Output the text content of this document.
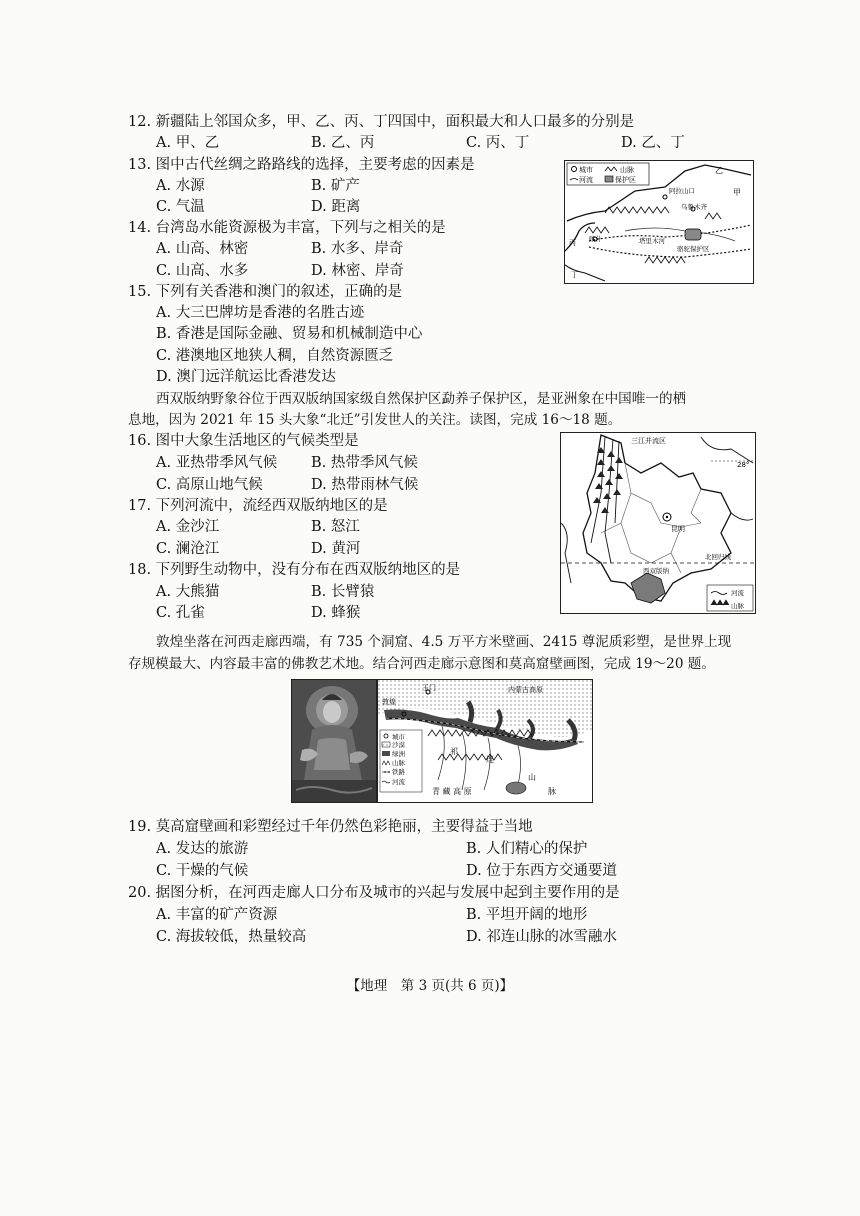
12. 新疆陆上邻国众多，甲、乙、丙、丁四国中，面积最大和人口最多的分别是
A. 甲、乙	B. 乙、丙	C. 丙、丁	D. 乙、丁
13. 图中古代丝绸之路路线的选择，主要考虑的因素是
A. 水源	B. 矿产
C. 气温	D. 距离
14. 台湾岛水能资源极为丰富，下列与之相关的是
A. 山高、林密	B. 水多、岸奇
C. 山高、水多	D. 林密、岸奇
城市	山脉
河流	保护区
乙
甲
阿拉山口
乌鲁木齐
喀什	塔里木河
骆驼保护区
丙
丁
15. 下列有关香港和澳门的叙述，正确的是
A. 大三巴牌坊是香港的名胜古迹
B. 香港是国际金融、贸易和机械制造中心
C. 港澳地区地狭人稠，自然资源匮乏
D. 澳门远洋航运比香港发达
西双版纳野象谷位于西双版纳国家级自然保护区勐养子保护区，是亚洲象在中国唯一的栖
息地，因为 2021 年 15 头大象“北迁”引发世人的关注。读图，完成 16～18 题。
16. 图中大象生活地区的气候类型是
A. 亚热带季风气候 B. 热带季风气候
C. 高原山地气候	D. 热带雨林气候
17. 下列河流中，流经西双版纳地区的是
A. 金沙江	B. 怒江
C. 澜沧江	D. 黄河
18. 下列野生动物中，没有分布在西双版纳地区的是
A. 大熊猫	B. 长臂猿
C. 孔雀	D. 蜂猴
三江并流区
28°
昆明
北回归线
西双版纳
河流
山脉
敦煌坐落在河西走廊西端，有 735 个洞窟、4.5 万平方米壁画、2415 尊泥质彩塑，是世界上现
存规模最大、内容最丰富的佛教艺术地。结合河西走廊示意图和莫高窟壁画图，完成 19～20 题。
玉门	内蒙古高原
敦煌
城市
沙漠
绿洲
山脉
铁路
河流
祁
连
山
脉
青 藏 高 原
19. 莫高窟壁画和彩塑经过千年仍然色彩艳丽，主要得益于当地
A. 发达的旅游	B. 人们精心的保护
C. 干燥的气候	D. 位于东西方交通要道
20. 据图分析，在河西走廊人口分布及城市的兴起与发展中起到主要作用的是
A. 丰富的矿产资源	B. 平坦开阔的地形
C. 海拔较低，热量较高	D. 祁连山脉的冰雪融水
【地理　第 3 页(共 6 页)】
